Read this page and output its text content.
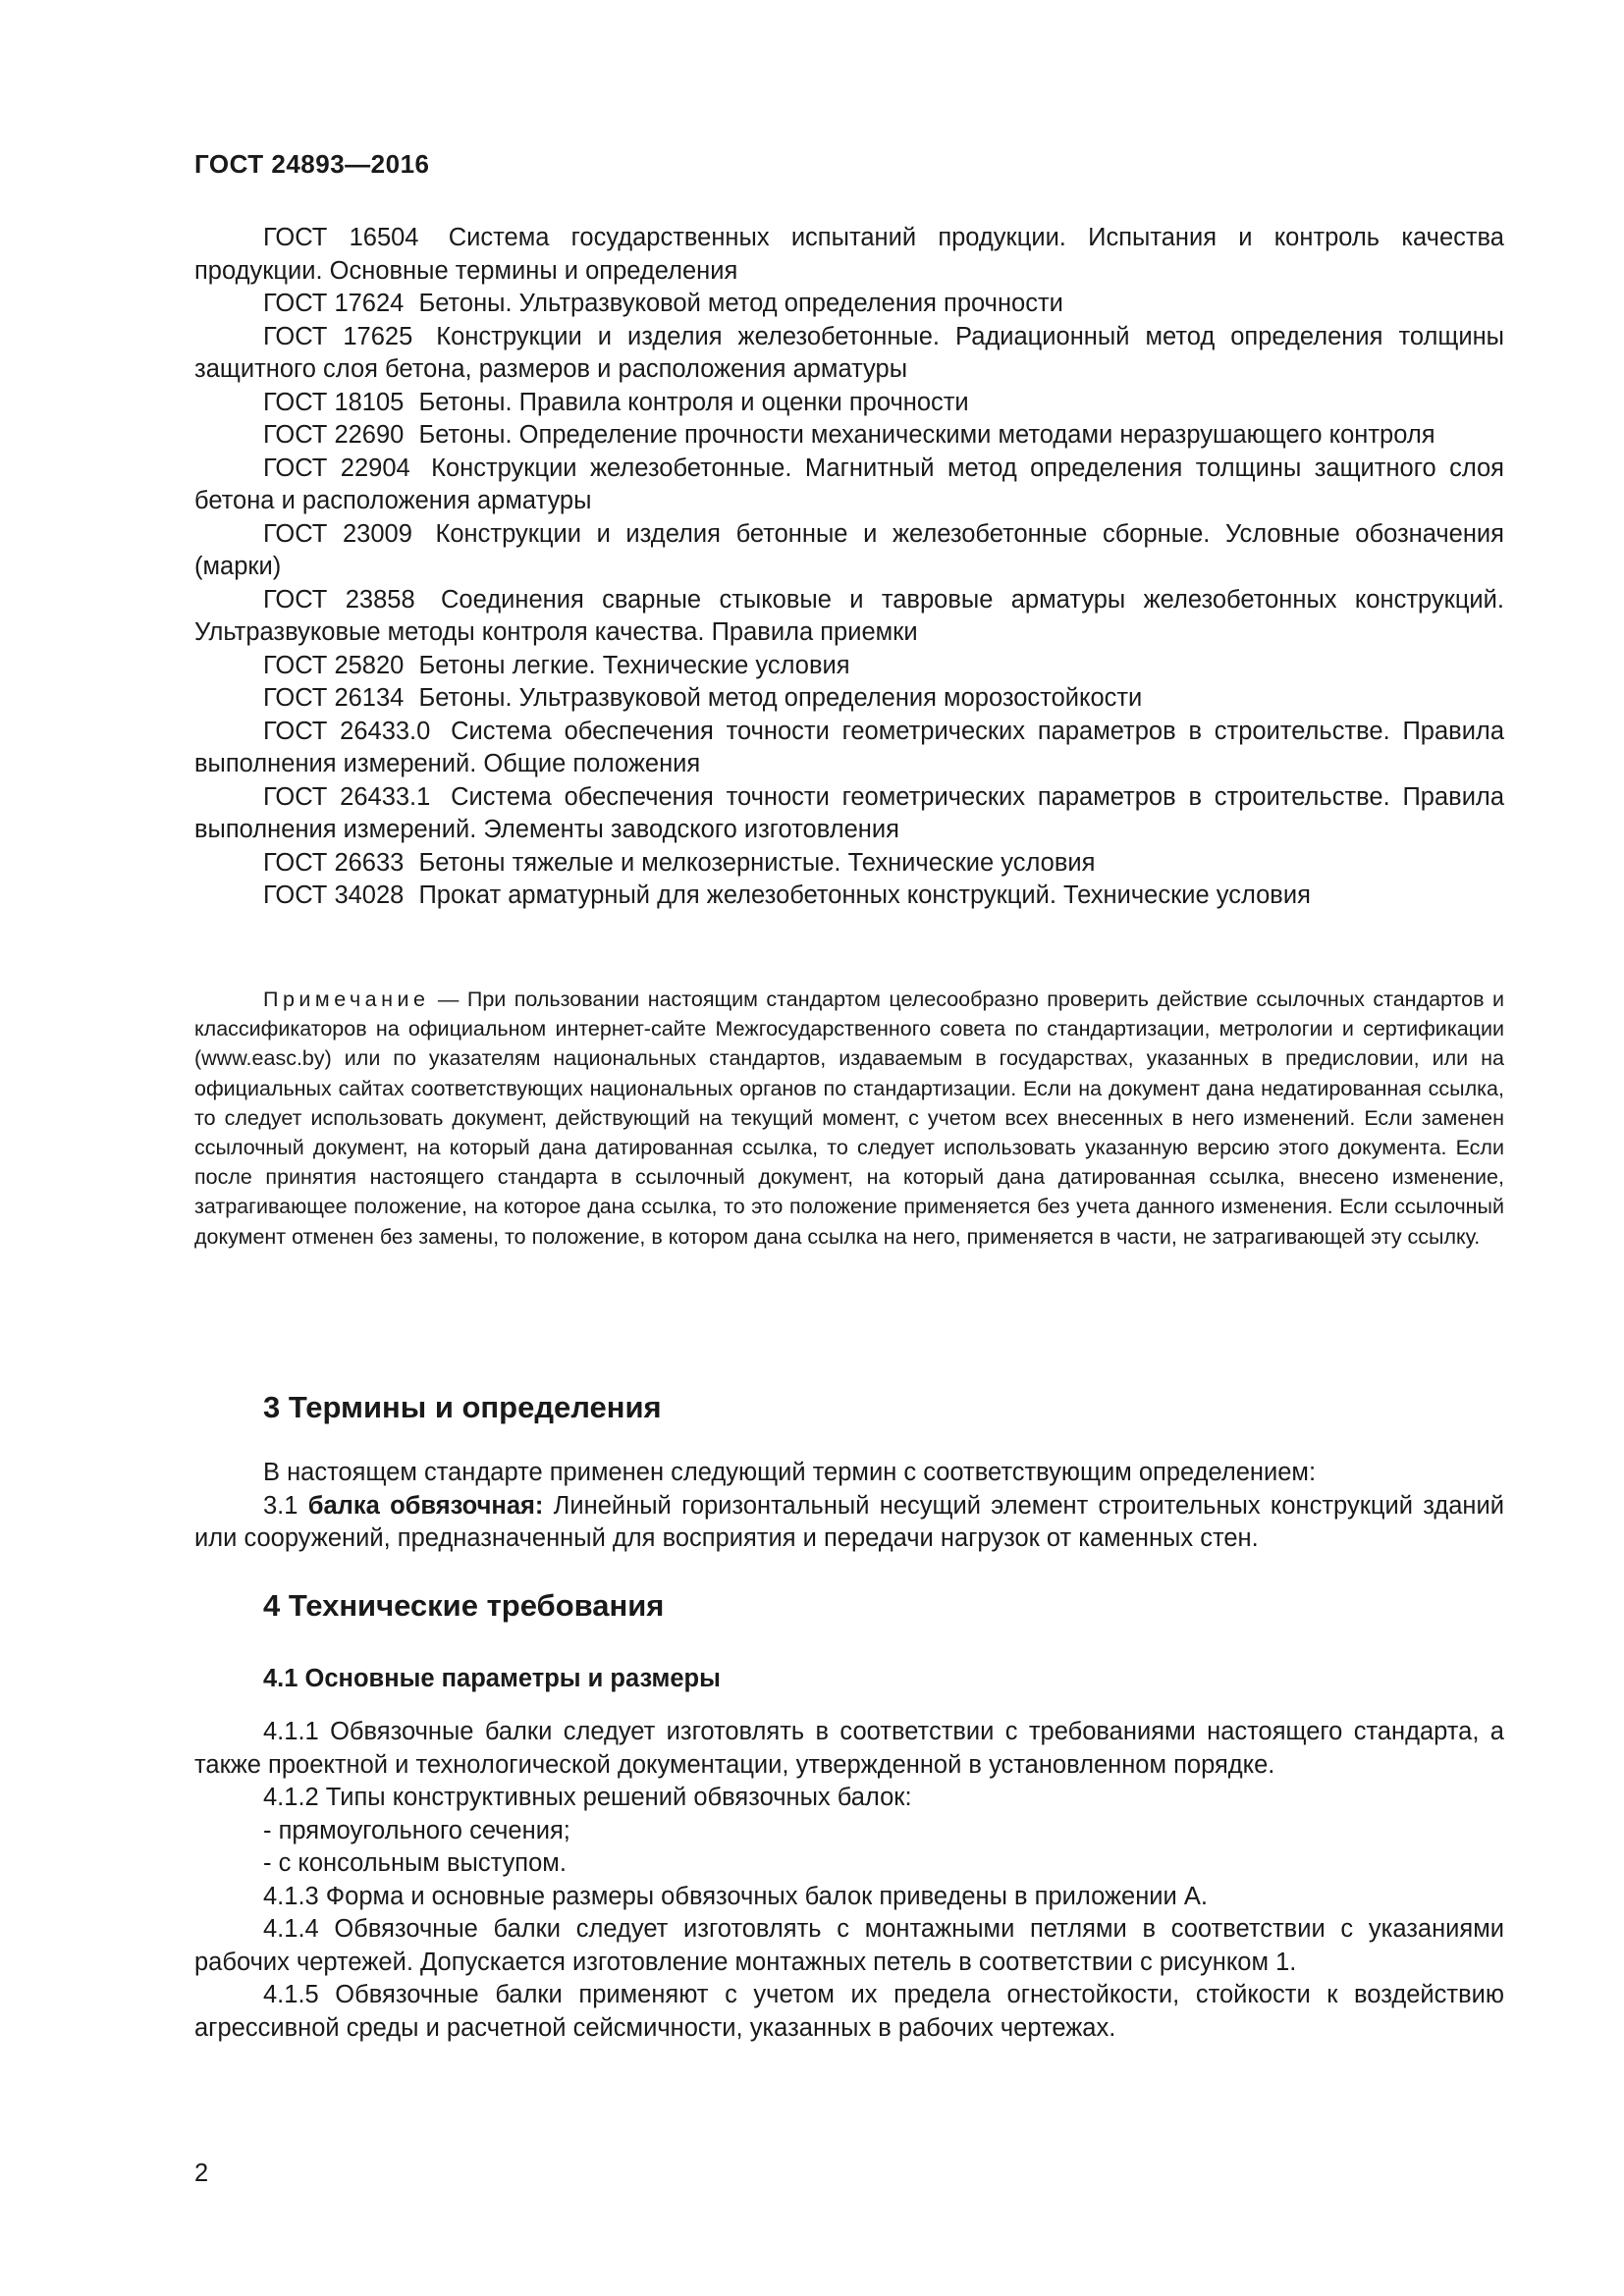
ГОСТ 24893—2016

ГОСТ 16504 Система государственных испытаний продукции. Испытания и контроль качества продукции. Основные термины и определения

ГОСТ 17624 Бетоны. Ультразвуковой метод определения прочности

ГОСТ 17625 Конструкции и изделия железобетонные. Радиационный метод определения толщины защитного слоя бетона, размеров и расположения арматуры

ГОСТ 18105 Бетоны. Правила контроля и оценки прочности

ГОСТ 22690 Бетоны. Определение прочности механическими методами неразрушающего контроля

ГОСТ 22904 Конструкции железобетонные. Магнитный метод определения толщины защитного слоя бетона и расположения арматуры

ГОСТ 23009 Конструкции и изделия бетонные и железобетонные сборные. Условные обозначения (марки)

ГОСТ 23858 Соединения сварные стыковые и тавровые арматуры железобетонных конструкций. Ультразвуковые методы контроля качества. Правила приемки

ГОСТ 25820 Бетоны легкие. Технические условия

ГОСТ 26134 Бетоны. Ультразвуковой метод определения морозостойкости

ГОСТ 26433.0 Система обеспечения точности геометрических параметров в строительстве. Правила выполнения измерений. Общие положения

ГОСТ 26433.1 Система обеспечения точности геометрических параметров в строительстве. Правила выполнения измерений. Элементы заводского изготовления

ГОСТ 26633 Бетоны тяжелые и мелкозернистые. Технические условия

ГОСТ 34028 Прокат арматурный для железобетонных конструкций. Технические условия

Примечание — При пользовании настоящим стандартом целесообразно проверить действие ссылочных стандартов и классификаторов на официальном интернет-сайте Межгосударственного совета по стандартизации, метрологии и сертификации (www.easc.by) или по указателям национальных стандартов, издаваемым в государствах, указанных в предисловии, или на официальных сайтах соответствующих национальных органов по стандартизации. Если на документ дана недатированная ссылка, то следует использовать документ, действующий на текущий момент, с учетом всех внесенных в него изменений. Если заменен ссылочный документ, на который дана датированная ссылка, то следует использовать указанную версию этого документа. Если после принятия настоящего стандарта в ссылочный документ, на который дана датированная ссылка, внесено изменение, затрагивающее положение, на которое дана ссылка, то это положение применяется без учета данного изменения. Если ссылочный документ отменен без замены, то положение, в котором дана ссылка на него, применяется в части, не затрагивающей эту ссылку.

3 Термины и определения

В настоящем стандарте применен следующий термин с соответствующим определением:

3.1 балка обвязочная: Линейный горизонтальный несущий элемент строительных конструкций зданий или сооружений, предназначенный для восприятия и передачи нагрузок от каменных стен.

4 Технические требования
4.1 Основные параметры и размеры

4.1.1 Обвязочные балки следует изготовлять в соответствии с требованиями настоящего стандарта, а также проектной и технологической документации, утвержденной в установленном порядке.

4.1.2 Типы конструктивных решений обвязочных балок:

- прямоугольного сечения;

- с консольным выступом.

4.1.3 Форма и основные размеры обвязочных балок приведены в приложении А.

4.1.4 Обвязочные балки следует изготовлять с монтажными петлями в соответствии с указаниями рабочих чертежей. Допускается изготовление монтажных петель в соответствии с рисунком 1.

4.1.5 Обвязочные балки применяют с учетом их предела огнестойкости, стойкости к воздействию агрессивной среды и расчетной сейсмичности, указанных в рабочих чертежах.

2
